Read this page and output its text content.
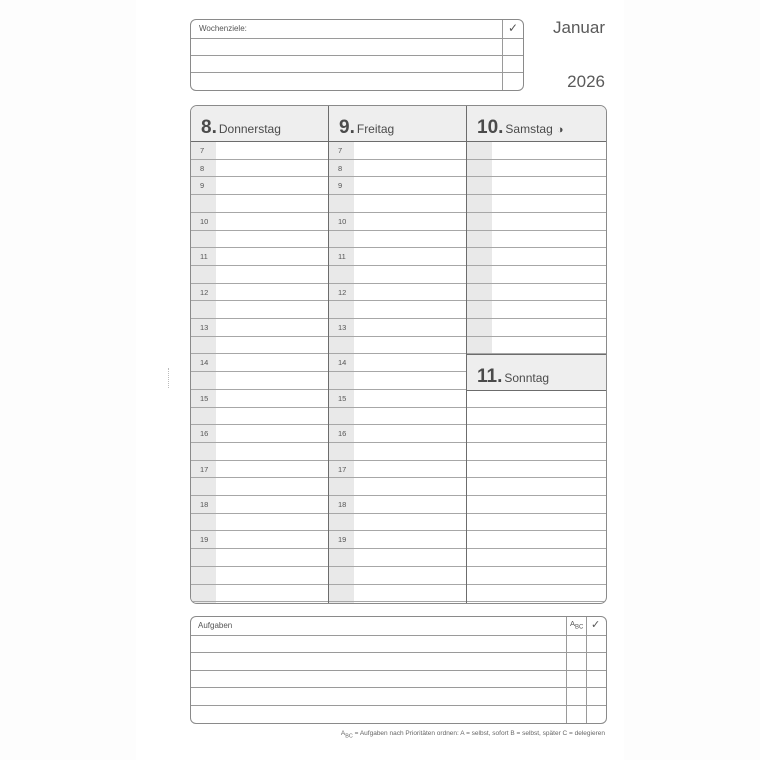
Wochenziele:	✓ Januar
2026
8. Donnerstag	9. Freitag	10. Samstag ◑
11. Sonntag
7	7
8	8
9	9
10	10
11	11
12	12
13	13
14	14
15	15
16	16
17	17
18	18
19	19
Aufgaben	$A_{BC}$ ✓
$A_{BC}$ = Aufgaben nach Prioritäten ordnen: A = selbst, sofort B = selbst, später C = delegieren
